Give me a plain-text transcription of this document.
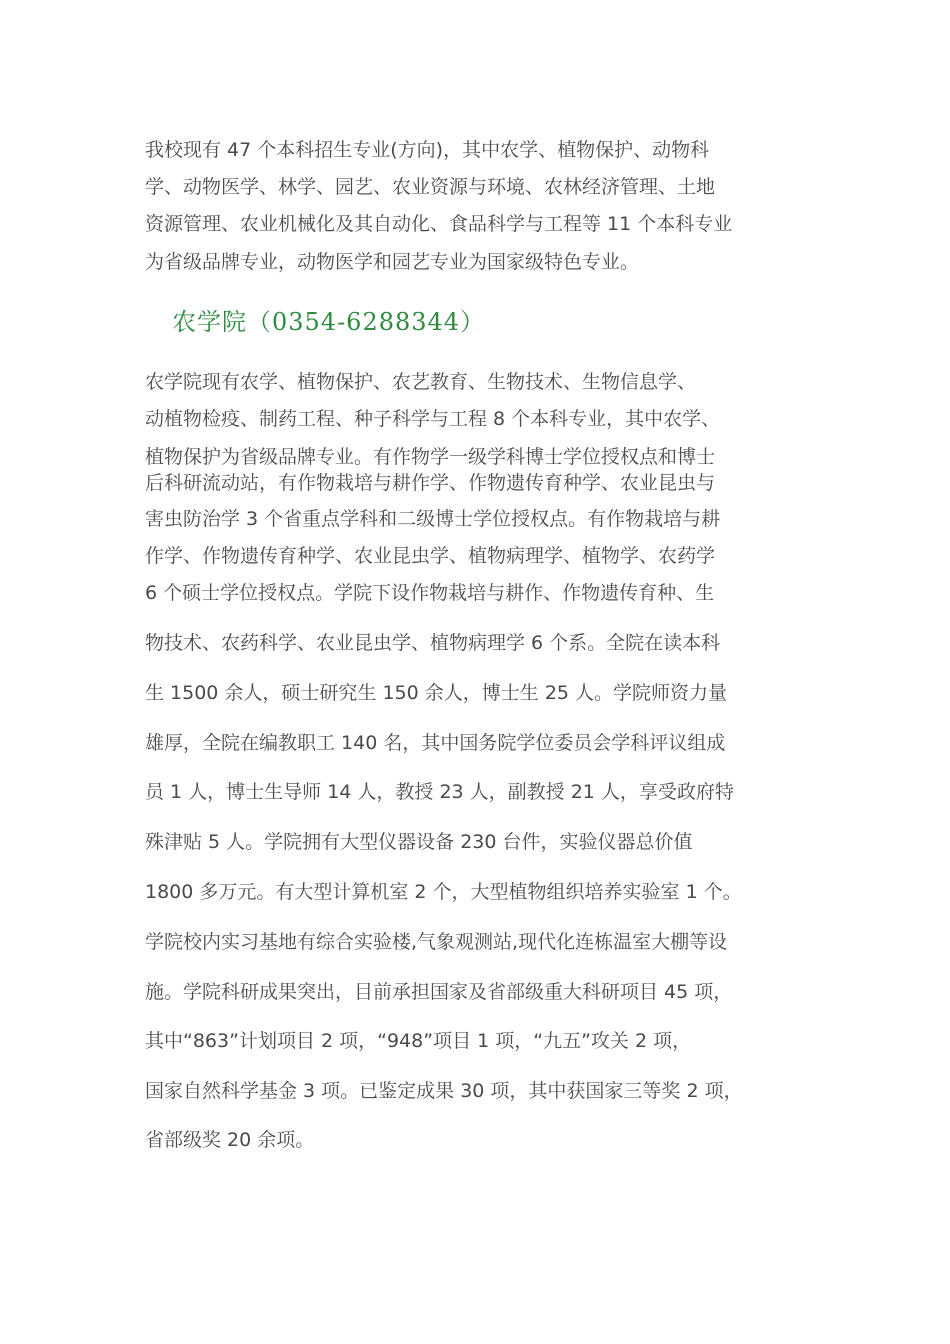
我校现有 47 个本科招生专业(方向)，其中农学、植物保护、动物科
学、动物医学、林学、园艺、农业资源与环境、农林经济管理、土地
资源管理、农业机械化及其自动化、食品科学与工程等 11 个本科专业
为省级品牌专业，动物医学和园艺专业为国家级特色专业。
农学院（0354-6288344）
农学院现有农学、植物保护、农艺教育、生物技术、生物信息学、
动植物检疫、制药工程、种子科学与工程 8 个本科专业，其中农学、
植物保护为省级品牌专业。有作物学一级学科博士学位授权点和博士
后科研流动站，有作物栽培与耕作学、作物遗传育种学、农业昆虫与
害虫防治学 3 个省重点学科和二级博士学位授权点。有作物栽培与耕
作学、作物遗传育种学、农业昆虫学、植物病理学、植物学、农药学
6 个硕士学位授权点。学院下设作物栽培与耕作、作物遗传育种、生
物技术、农药科学、农业昆虫学、植物病理学 6 个系。全院在读本科
生 1500 余人，硕士研究生 150 余人，博士生 25 人。学院师资力量
雄厚，全院在编教职工 140 名，其中国务院学位委员会学科评议组成
员 1 人，博士生导师 14 人，教授 23 人，副教授 21 人，享受政府特
殊津贴 5 人。学院拥有大型仪器设备 230 台件，实验仪器总价值
1800 多万元。有大型计算机室 2 个，大型植物组织培养实验室 1 个。
学院校内实习基地有综合实验楼,气象观测站,现代化连栋温室大棚等设
施。学院科研成果突出，目前承担国家及省部级重大科研项目 45 项，
其中“863”计划项目 2 项，“948”项目 1 项，“九五”攻关 2 项，
国家自然科学基金 3 项。已鉴定成果 30 项，其中获国家三等奖 2 项，
省部级奖 20 余项。
